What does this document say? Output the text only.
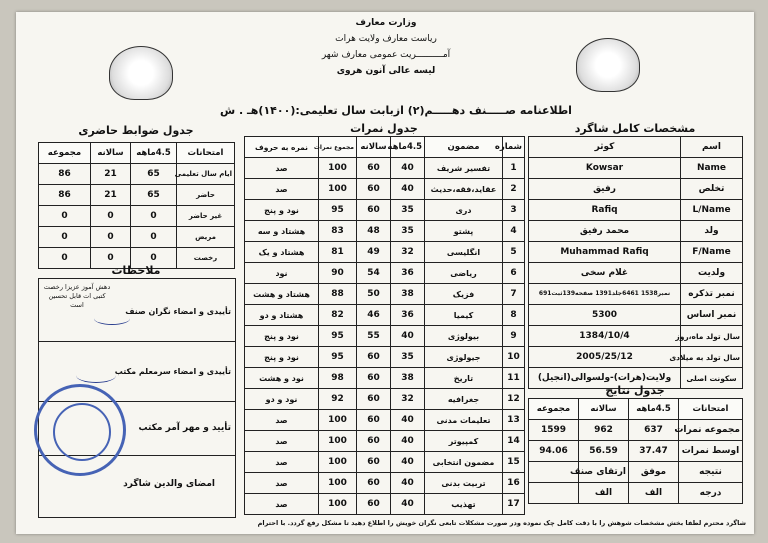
وزارت معارف
ریاست معارف ولایت هرات
آمــــــــــریت عمومی معارف شهر
لیسه عالی آنون هروی
اطلاعنامه صـــــنف دهـــــم(۲) ازبابت سال تعلیمی:(۱۴۰۰)هـ . ش
مشخصات کامل شاگرد
جدول نمرات
جدول ضوابط حاضری
اسم	کوثر
Name	Kowsar
تخلص	رفیق
L/Name	Rafiq
ولد	محمد رفیق
F/Name	Muhammad Rafiq
ولدیت	غلام سخی
نمبر تذکره	نمبر1538 6461جلد1391 صفحه139ثبت691
نمبر اساس	5300
سال تولد ماه،روز	1384/10/4
سال تولد به میلادی	2005/25/12
سکونت اصلی	ولایت(هرات)-ولسوالی(انجیل)
جدول نتایج
امتحانات	4.5ماهه	سالانه	مجموعه
مجموعه نمرات	637	962	1599
اوسط نمرات	37.47	56.59	94.06
نتیجه	موفق	ارتقای صنف	
درجه	الف	الف	
شماره	مضمون	4.5ماهه	سالانه	مجموع نمرات	نمره به حروف
1	تفسیر شریف	40	60	100	صد
2	عقاید،فقه،حدیث	40	60	100	صد
3	دری	35	60	95	نود و پنج
4	پشتو	35	48	83	هشتاد و سه
5	انگلیسی	32	49	81	هشتاد و یک
6	ریاضی	36	54	90	نود
7	فزیک	38	50	88	هشتاد و هشت
8	کیمیا	36	46	82	هشتاد و دو
9	بیولوژی	40	55	95	نود و پنج
10	جیولوژی	35	60	95	نود و پنج
11	تاریخ	38	60	98	نود و هشت
12	جغرافیه	32	60	92	نود و دو
13	تعلیمات مدنی	40	60	100	صد
14	کمپیوتر	40	60	100	صد
15	مضمون انتخابی	40	60	100	صد
16	تربیت بدنی	40	60	100	صد
17	تهذیب	40	60	100	صد
امتحانات	4.5ماهه	سالانه	مجموعه
ایام سال تعلیمی	65	21	86
حاضر	65	21	86
غیر حاضر	0	0	0
مریض	0	0	0
رخصت	0	0	0
ملاحظات
دهش آموز عزیزا رخصت کتبی ات قابل تحسین است
تأییدی و امضاء نگران صنف
تأییدی و امضاء سرمعلم مکتب
تأیید و مهر آمر مکتب
امضای والدین شاگرد
شاگرد محترم لطفا بخش مشخصات شوهش را با دقت کامل چک نموده ودر صورت مشکلات تابعی نگران خویش را اطلاع دهید تا مشکل رفع گردد. با احترام
